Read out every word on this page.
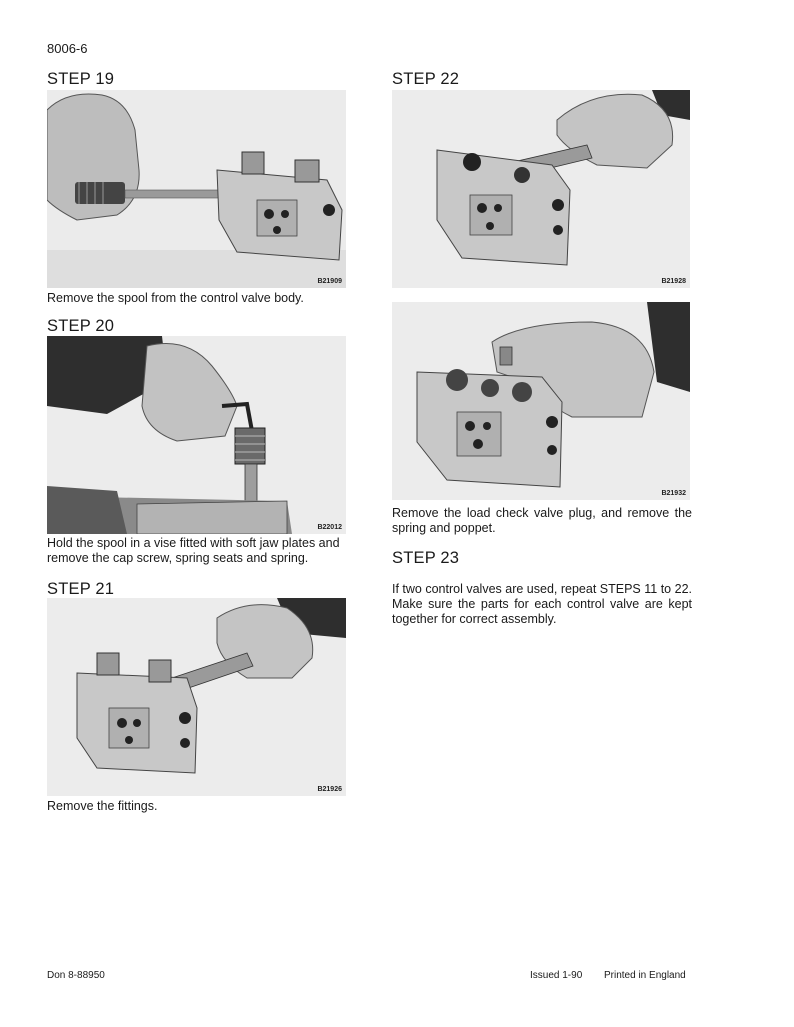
8006-6
STEP 19
B21909

Remove the spool from the control valve body.

STEP 20
B22012

Hold the spool in a vise fitted with soft jaw plates and remove the cap screw, spring seats and spring.

STEP 21
B21926

Remove the fittings.

STEP 22
B21928
B21932

Remove the load check valve plug, and remove the spring and poppet.

STEP 23

If two control valves are used, repeat STEPS 11 to 22. Make sure the parts for each control valve are kept together for correct assembly.

Don 8-88950	Issued 1-90 Printed in England
